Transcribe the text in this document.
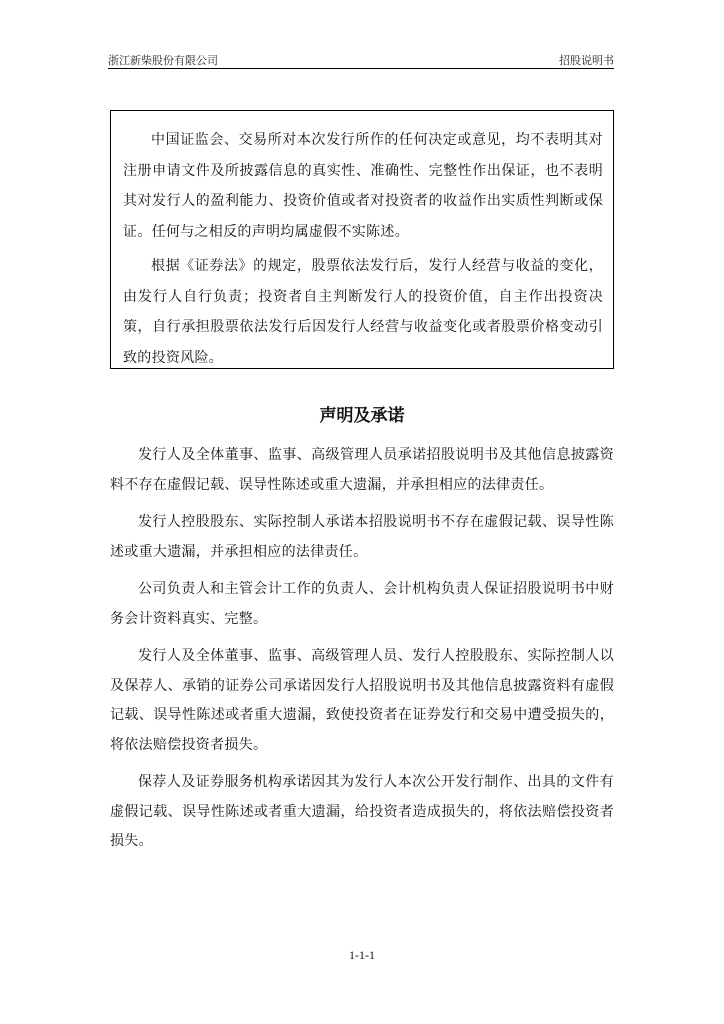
浙江新柴股份有限公司	招股说明书

中国证监会、交易所对本次发行所作的任何决定或意见，均不表明其对注册申请文件及所披露信息的真实性、准确性、完整性作出保证，也不表明其对发行人的盈利能力、投资价值或者对投资者的收益作出实质性判断或保证。任何与之相反的声明均属虚假不实陈述。

根据《证券法》的规定，股票依法发行后，发行人经营与收益的变化，由发行人自行负责；投资者自主判断发行人的投资价值，自主作出投资决策，自行承担股票依法发行后因发行人经营与收益变化或者股票价格变动引致的投资风险。

声明及承诺

发行人及全体董事、监事、高级管理人员承诺招股说明书及其他信息披露资料不存在虚假记载、误导性陈述或重大遗漏，并承担相应的法律责任。

发行人控股股东、实际控制人承诺本招股说明书不存在虚假记载、误导性陈述或重大遗漏，并承担相应的法律责任。

公司负责人和主管会计工作的负责人、会计机构负责人保证招股说明书中财务会计资料真实、完整。

发行人及全体董事、监事、高级管理人员、发行人控股股东、实际控制人以及保荐人、承销的证券公司承诺因发行人招股说明书及其他信息披露资料有虚假记载、误导性陈述或者重大遗漏，致使投资者在证券发行和交易中遭受损失的，将依法赔偿投资者损失。

保荐人及证券服务机构承诺因其为发行人本次公开发行制作、出具的文件有虚假记载、误导性陈述或者重大遗漏，给投资者造成损失的，将依法赔偿投资者损失。

1-1-1
